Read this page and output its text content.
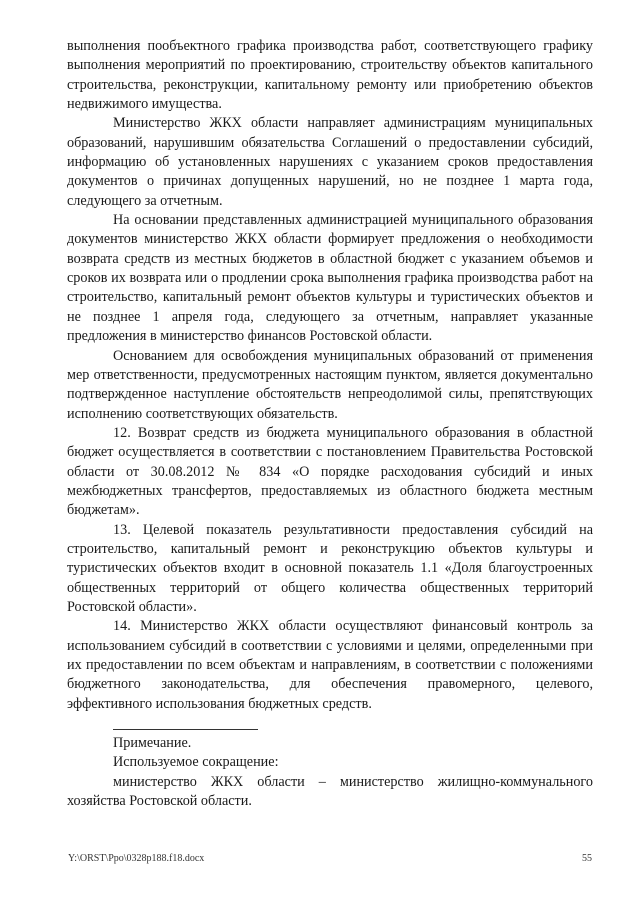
выполнения пообъектного графика производства работ, соответствующего графику выполнения мероприятий по проектированию, строительству объектов капитального строительства, реконструкции, капитальному ремонту или приобретению объектов недвижимого имущества.

Министерство ЖКХ области направляет администрациям муниципальных образований, нарушившим обязательства Соглашений о предоставлении субсидий, информацию об установленных нарушениях с указанием сроков предоставления документов о причинах допущенных нарушений, но не позднее 1 марта года, следующего за отчетным.

На основании представленных администрацией муниципального образования документов министерство ЖКХ области формирует предложения о необходимости возврата средств из местных бюджетов в областной бюджет с указанием объемов и сроков их возврата или о продлении срока выполнения графика производства работ на строительство, капитальный ремонт объектов культуры и туристических объектов и не позднее 1 апреля года, следующего за отчетным, направляет указанные предложения в министерство финансов Ростовской области.

Основанием для освобождения муниципальных образований от применения мер ответственности, предусмотренных настоящим пунктом, является документально подтвержденное наступление обстоятельств непреодолимой силы, препятствующих исполнению соответствующих обязательств.

12. Возврат средств из бюджета муниципального образования в областной бюджет осуществляется в соответствии с постановлением Правительства Ростовской области от 30.08.2012 № 834 «О порядке расходования субсидий и иных межбюджетных трансфертов, предоставляемых из областного бюджета местным бюджетам».

13. Целевой показатель результативности предоставления субсидий на строительство, капитальный ремонт и реконструкцию объектов культуры и туристических объектов входит в основной показатель 1.1 «Доля благоустроенных общественных территорий от общего количества общественных территорий Ростовской области».

14. Министерство ЖКХ области осуществляют финансовый контроль за использованием субсидий в соответствии с условиями и целями, определенными при их предоставлении по всем объектам и направлениям, в соответствии с положениями бюджетного законодательства, для обеспечения правомерного, целевого, эффективного использования бюджетных средств.

Примечание.

Используемое сокращение:

министерство ЖКХ области – министерство жилищно-коммунального хозяйства Ростовской области.

Y:\ORST\Ppo\0328p188.f18.docx	55
